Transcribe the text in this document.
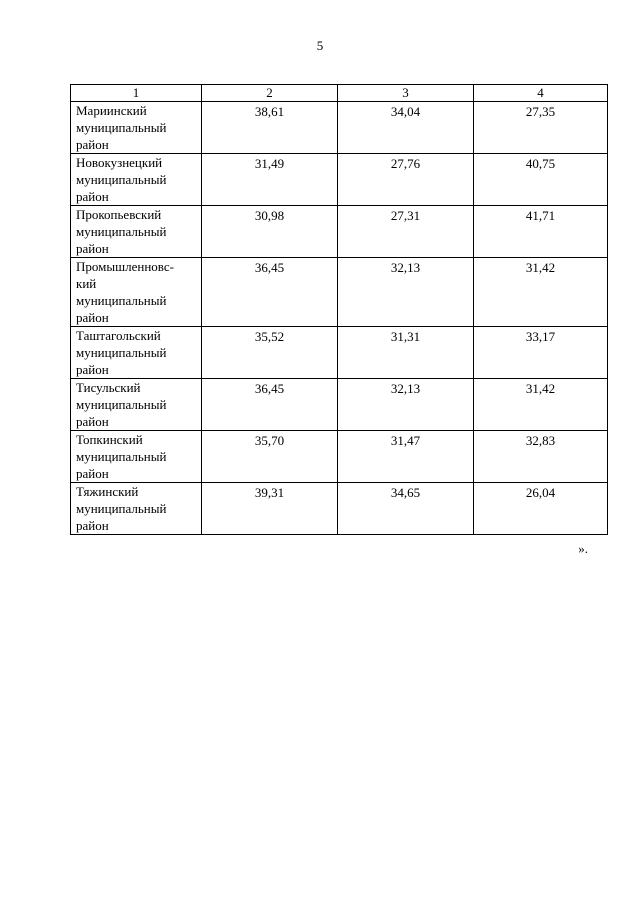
5
1	2	3	4

Мариинский
муниципальный
район	38,61	34,04	27,35

Новокузнецкий
муниципальный
район	31,49	27,76	40,75

Прокопьевский
муниципальный
район	30,98	27,31	41,71

Промышленновс-
кий
муниципальный
район	36,45	32,13	31,42

Таштагольский
муниципальный
район	35,52	31,31	33,17

Тисульский
муниципальный
район	36,45	32,13	31,42

Топкинский
муниципальный
район	35,70	31,47	32,83

Тяжинский
муниципальный
район	39,31	34,65	26,04
».
